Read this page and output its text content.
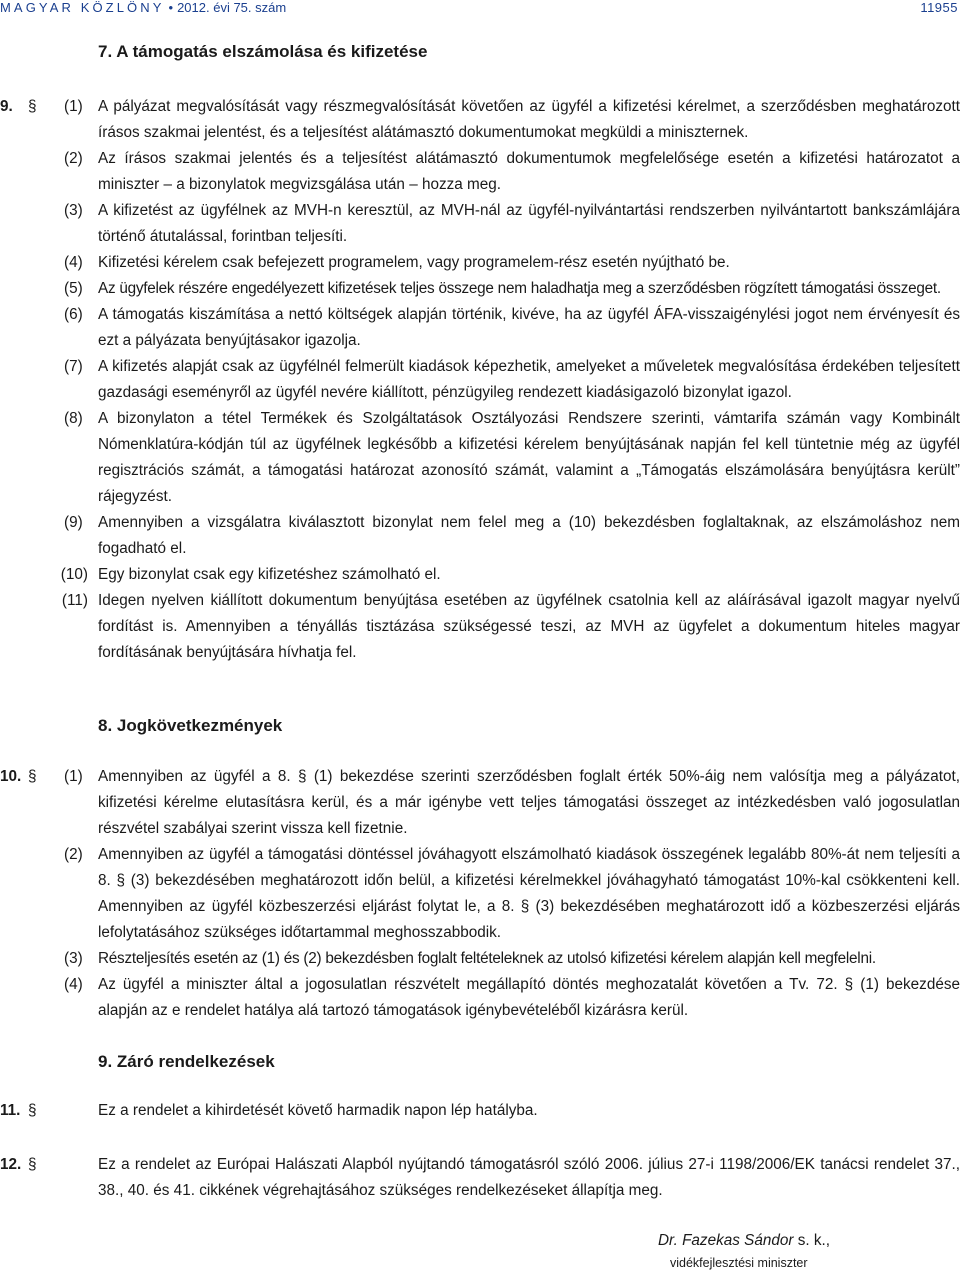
MAGYAR KÖZLÖNY • 2012. évi 75. szám	11955
7. A támogatás elszámolása és kifizetése
9. § (1) A pályázat megvalósítását vagy részmegvalósítását követően az ügyfél a kifizetési kérelmet, a szerződésben meghatározott írásos szakmai jelentést, és a teljesítést alátámasztó dokumentumokat megküldi a miniszternek.
(2) Az írásos szakmai jelentés és a teljesítést alátámasztó dokumentumok megfelelősége esetén a kifizetési határozatot a miniszter – a bizonylatok megvizsgálása után – hozza meg.
(3) A kifizetést az ügyfélnek az MVH-n keresztül, az MVH-nál az ügyfél-nyilvántartási rendszerben nyilvántartott bankszámlájára történő átutalással, forintban teljesíti.
(4) Kifizetési kérelem csak befejezett programelem, vagy programelem-rész esetén nyújtható be.
(5) Az ügyfelek részére engedélyezett kifizetések teljes összege nem haladhatja meg a szerződésben rögzített támogatási összeget.
(6) A támogatás kiszámítása a nettó költségek alapján történik, kivéve, ha az ügyfél ÁFA-visszaigénylési jogot nem érvényesít és ezt a pályázata benyújtásakor igazolja.
(7) A kifizetés alapját csak az ügyfélnél felmerült kiadások képezhetik, amelyeket a műveletek megvalósítása érdekében teljesített gazdasági eseményről az ügyfél nevére kiállított, pénzügyileg rendezett kiadásigazoló bizonylat igazol.
(8) A bizonylaton a tétel Termékek és Szolgáltatások Osztályozási Rendszere szerinti, vámtarifa számán vagy Kombinált Nómenklatúra-kódján túl az ügyfélnek legkésőbb a kifizetési kérelem benyújtásának napján fel kell tüntetnie még az ügyfél regisztrációs számát, a támogatási határozat azonosító számát, valamint a „Támogatás elszámolására benyújtásra került” rájegyzést.
(9) Amennyiben a vizsgálatra kiválasztott bizonylat nem felel meg a (10) bekezdésben foglaltaknak, az elszámoláshoz nem fogadható el.
(10) Egy bizonylat csak egy kifizetéshez számolható el.
(11) Idegen nyelven kiállított dokumentum benyújtása esetében az ügyfélnek csatolnia kell az aláírásával igazolt magyar nyelvű fordítást is. Amennyiben a tényállás tisztázása szükségessé teszi, az MVH az ügyfelet a dokumentum hiteles magyar fordításának benyújtására hívhatja fel.
8. Jogkövetkezmények
10. § (1) Amennyiben az ügyfél a 8. § (1) bekezdése szerinti szerződésben foglalt érték 50%-áig nem valósítja meg a pályázatot, kifizetési kérelme elutasításra kerül, és a már igénybe vett teljes támogatási összeget az intézkedésben való jogosulatlan részvétel szabályai szerint vissza kell fizetnie.
(2) Amennyiben az ügyfél a támogatási döntéssel jóváhagyott elszámolható kiadások összegének legalább 80%-át nem teljesíti a 8. § (3) bekezdésében meghatározott időn belül, a kifizetési kérelmekkel jóváhagyható támogatást 10%-kal csökkenteni kell. Amennyiben az ügyfél közbeszerzési eljárást folytat le, a 8. § (3) bekezdésében meghatározott idő a közbeszerzési eljárás lefolytatásához szükséges időtartammal meghosszabbodik.
(3) Részteljesítés esetén az (1) és (2) bekezdésben foglalt feltételeknek az utolsó kifizetési kérelem alapján kell megfelelni.
(4) Az ügyfél a miniszter által a jogosulatlan részvételt megállapító döntés meghozatalát követően a Tv. 72. § (1) bekezdése alapján az e rendelet hatálya alá tartozó támogatások igénybevételéből kizárásra kerül.
9. Záró rendelkezések
11. §	Ez a rendelet a kihirdetését követő harmadik napon lép hatályba.
12. §	Ez a rendelet az Európai Halászati Alapból nyújtandó támogatásról szóló 2006. július 27-i 1198/2006/EK tanácsi rendelet 37., 38., 40. és 41. cikkének végrehajtásához szükséges rendelkezéseket állapítja meg.
Dr. Fazekas Sándor s. k.,
vidékfejlesztési miniszter
